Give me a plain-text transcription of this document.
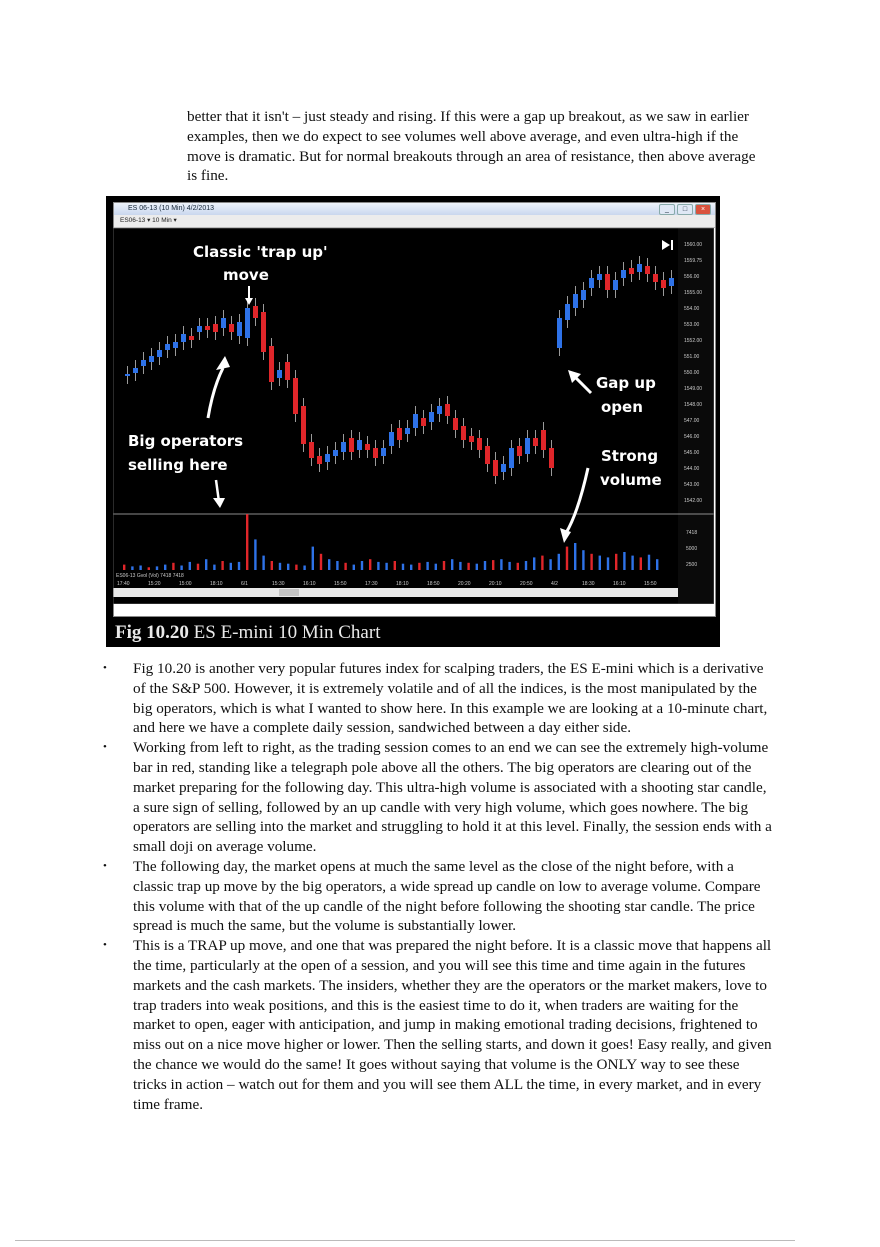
better that it isn't – just steady and rising. If this were a gap up breakout, as we saw in earlier examples, then we do expect to see volumes well above average, and even ultra-high if the move is dramatic. But for normal breakouts through an area of resistance, then above average is fine.
ES 06-13 (10 Min) 4/2/2013	_	□	×
ES06-13 ▾ 10 Min ▾
1560.00
1559.75
556.00
1555.00
554.00
553.00
1552.00
551.00
550.00
1549.00
1548.00
547.00
546.00
545.00
544.00
543.00
1542.00
7418
5000
2500
17:40	15:20	15:00	18:10	6/1	15:30	16:10	15:50	17:30	18:10	18:50	20:20	20:10	20:50	4/2	18:30	16:10	15:50
ES06-13 Gvol (Vol) 7418 7418
Classic 'trap up'
move
Big operators
selling here
Gap up
open
Strong
volume
Fig 10.20 ES E-mini 10 Min Chart
• Fig 10.20 is another very popular futures index for scalping traders, the ES E-mini which is a derivative of the S&P 500. However, it is extremely volatile and of all the indices, is the most manipulated by the big operators, which is what I wanted to show here. In this example we are looking at a 10-minute chart, and here we have a complete daily session, sandwiched between a day either side.
• Working from left to right, as the trading session comes to an end we can see the extremely high-volume bar in red, standing like a telegraph pole above all the others. The big operators are clearing out of the market preparing for the following day. This ultra-high volume is associated with a shooting star candle, a sure sign of selling, followed by an up candle with very high volume, which goes nowhere. The big operators are selling into the market and struggling to hold it at this level. Finally, the session ends with a small doji on average volume.
• The following day, the market opens at much the same level as the close of the night before, with a classic trap up move by the big operators, a wide spread up candle on low to average volume. Compare this volume with that of the up candle of the night before following the shooting star candle. The price spread is much the same, but the volume is substantially lower.
• This is a TRAP up move, and one that was prepared the night before. It is a classic move that happens all the time, particularly at the open of a session, and you will see this time and time again in the futures markets and the cash markets. The insiders, whether they are the operators or the market makers, love to trap traders into weak positions, and this is the easiest time to do it, when traders are waiting for the market to open, eager with anticipation, and jump in making emotional trading decisions, frightened to miss out on a nice move higher or lower. Then the selling starts, and down it goes! Easy really, and given the chance we would do the same! It goes without saying that volume is the ONLY way to see these tricks in action – watch out for them and you will see them ALL the time, in every market, and in every time frame.
